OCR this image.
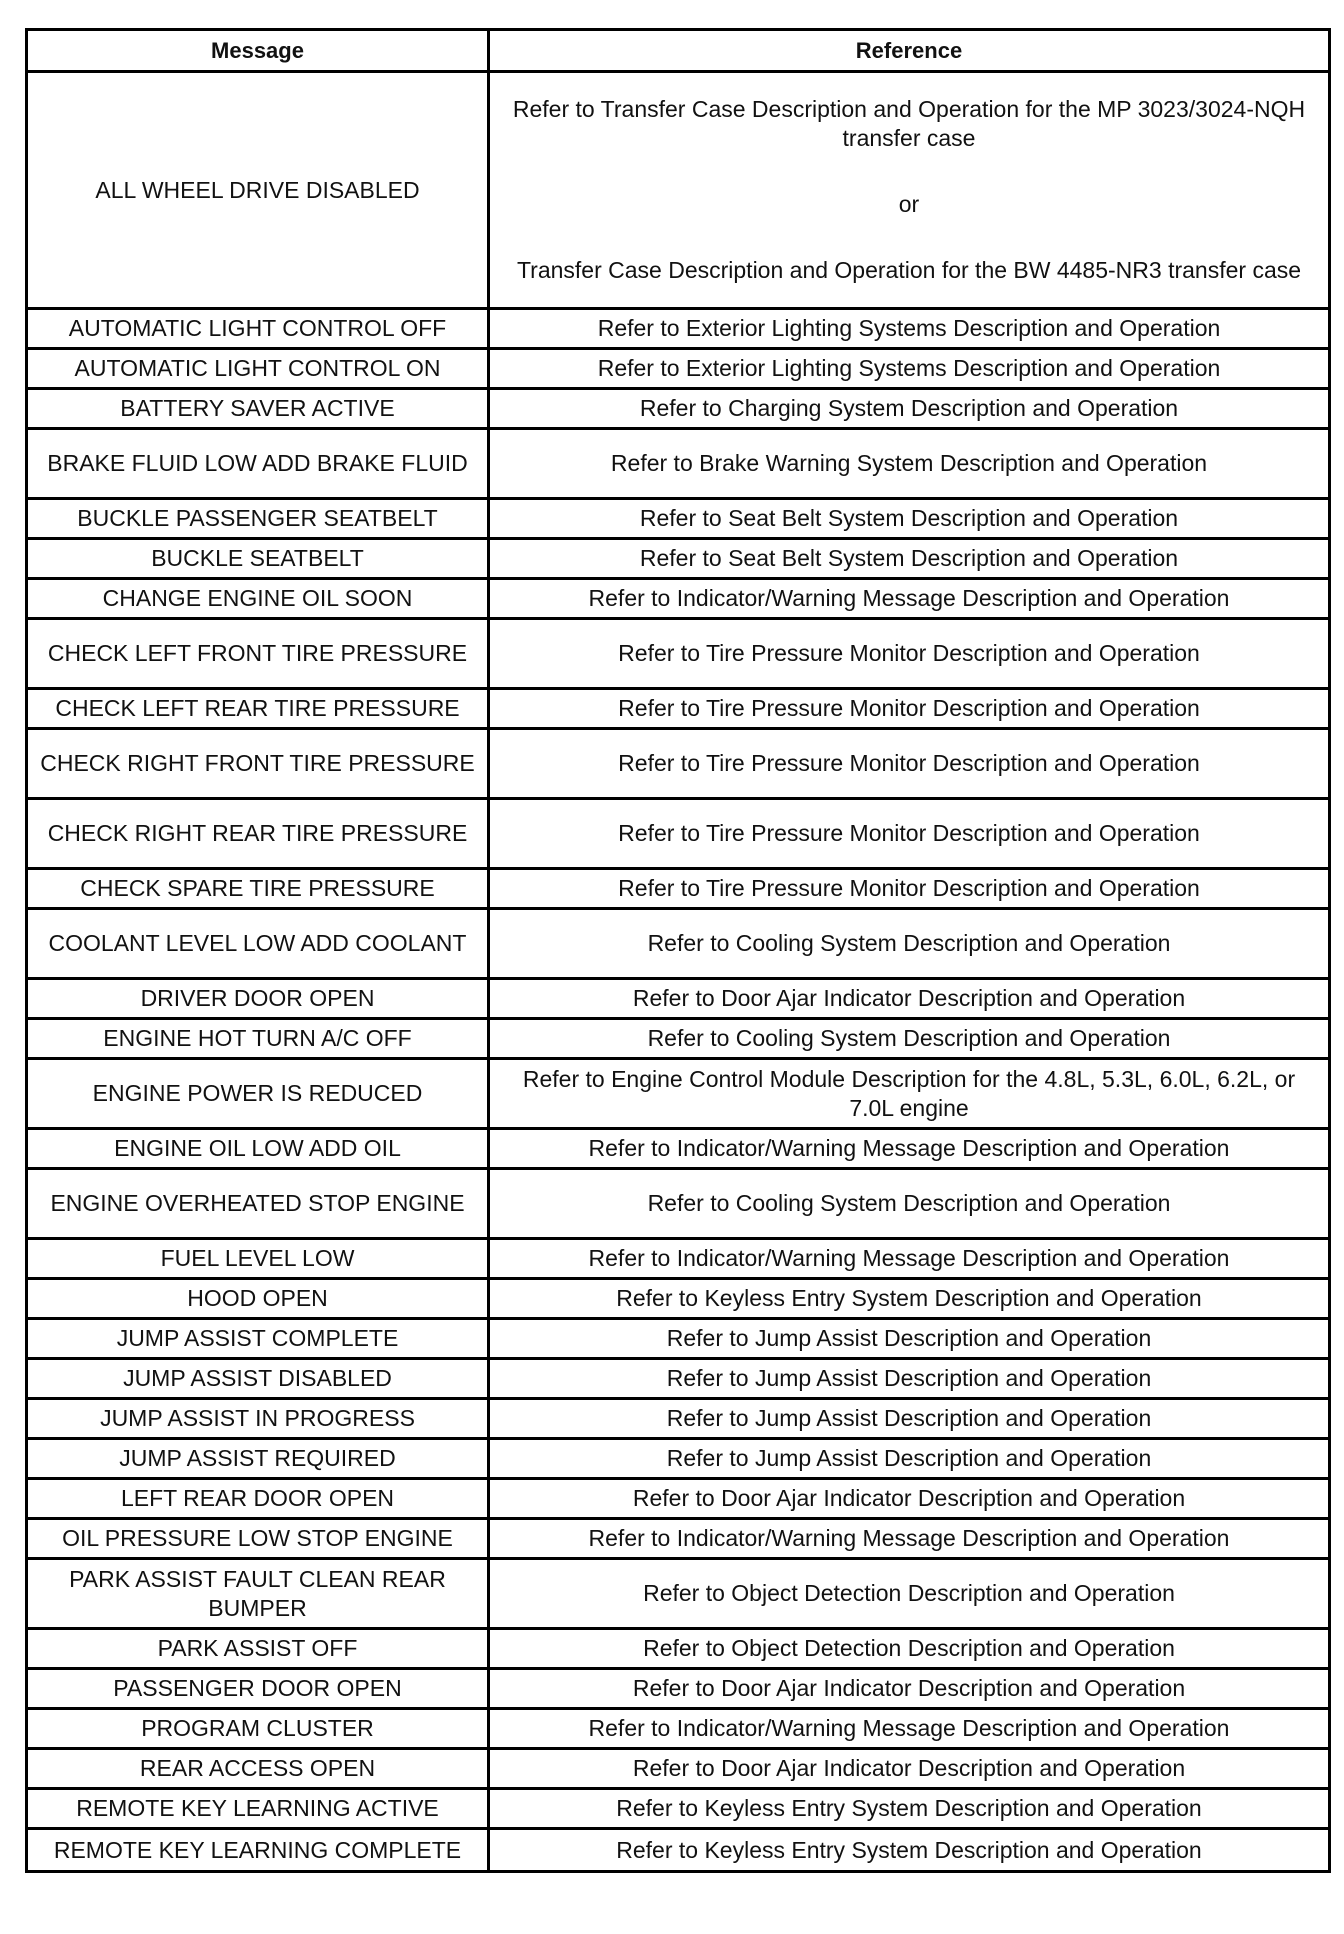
Message	Reference
ALL WHEEL DRIVE DISABLED	Refer to Transfer Case Description and Operation for the MP 3023/3024-NQH transfer case
or
Transfer Case Description and Operation for the BW 4485-NR3 transfer case

AUTOMATIC LIGHT CONTROL OFF	Refer to Exterior Lighting Systems Description and Operation
AUTOMATIC LIGHT CONTROL ON	Refer to Exterior Lighting Systems Description and Operation
BATTERY SAVER ACTIVE	Refer to Charging System Description and Operation
BRAKE FLUID LOW ADD BRAKE FLUID	Refer to Brake Warning System Description and Operation
BUCKLE PASSENGER SEATBELT	Refer to Seat Belt System Description and Operation
BUCKLE SEATBELT	Refer to Seat Belt System Description and Operation
CHANGE ENGINE OIL SOON	Refer to Indicator/Warning Message Description and Operation
CHECK LEFT FRONT TIRE PRESSURE	Refer to Tire Pressure Monitor Description and Operation
CHECK LEFT REAR TIRE PRESSURE	Refer to Tire Pressure Monitor Description and Operation
CHECK RIGHT FRONT TIRE PRESSURE	Refer to Tire Pressure Monitor Description and Operation
CHECK RIGHT REAR TIRE PRESSURE	Refer to Tire Pressure Monitor Description and Operation
CHECK SPARE TIRE PRESSURE	Refer to Tire Pressure Monitor Description and Operation
COOLANT LEVEL LOW ADD COOLANT	Refer to Cooling System Description and Operation
DRIVER DOOR OPEN	Refer to Door Ajar Indicator Description and Operation
ENGINE HOT TURN A/C OFF	Refer to Cooling System Description and Operation
ENGINE POWER IS REDUCED	Refer to Engine Control Module Description for the 4.8L, 5.3L, 6.0L, 6.2L, or 7.0L engine
ENGINE OIL LOW ADD OIL	Refer to Indicator/Warning Message Description and Operation
ENGINE OVERHEATED STOP ENGINE	Refer to Cooling System Description and Operation
FUEL LEVEL LOW	Refer to Indicator/Warning Message Description and Operation
HOOD OPEN	Refer to Keyless Entry System Description and Operation
JUMP ASSIST COMPLETE	Refer to Jump Assist Description and Operation
JUMP ASSIST DISABLED	Refer to Jump Assist Description and Operation
JUMP ASSIST IN PROGRESS	Refer to Jump Assist Description and Operation
JUMP ASSIST REQUIRED	Refer to Jump Assist Description and Operation
LEFT REAR DOOR OPEN	Refer to Door Ajar Indicator Description and Operation
OIL PRESSURE LOW STOP ENGINE	Refer to Indicator/Warning Message Description and Operation
PARK ASSIST FAULT CLEAN REAR BUMPER	Refer to Object Detection Description and Operation
PARK ASSIST OFF	Refer to Object Detection Description and Operation
PASSENGER DOOR OPEN	Refer to Door Ajar Indicator Description and Operation
PROGRAM CLUSTER	Refer to Indicator/Warning Message Description and Operation
REAR ACCESS OPEN	Refer to Door Ajar Indicator Description and Operation
REMOTE KEY LEARNING ACTIVE	Refer to Keyless Entry System Description and Operation
REMOTE KEY LEARNING COMPLETE	Refer to Keyless Entry System Description and Operation
